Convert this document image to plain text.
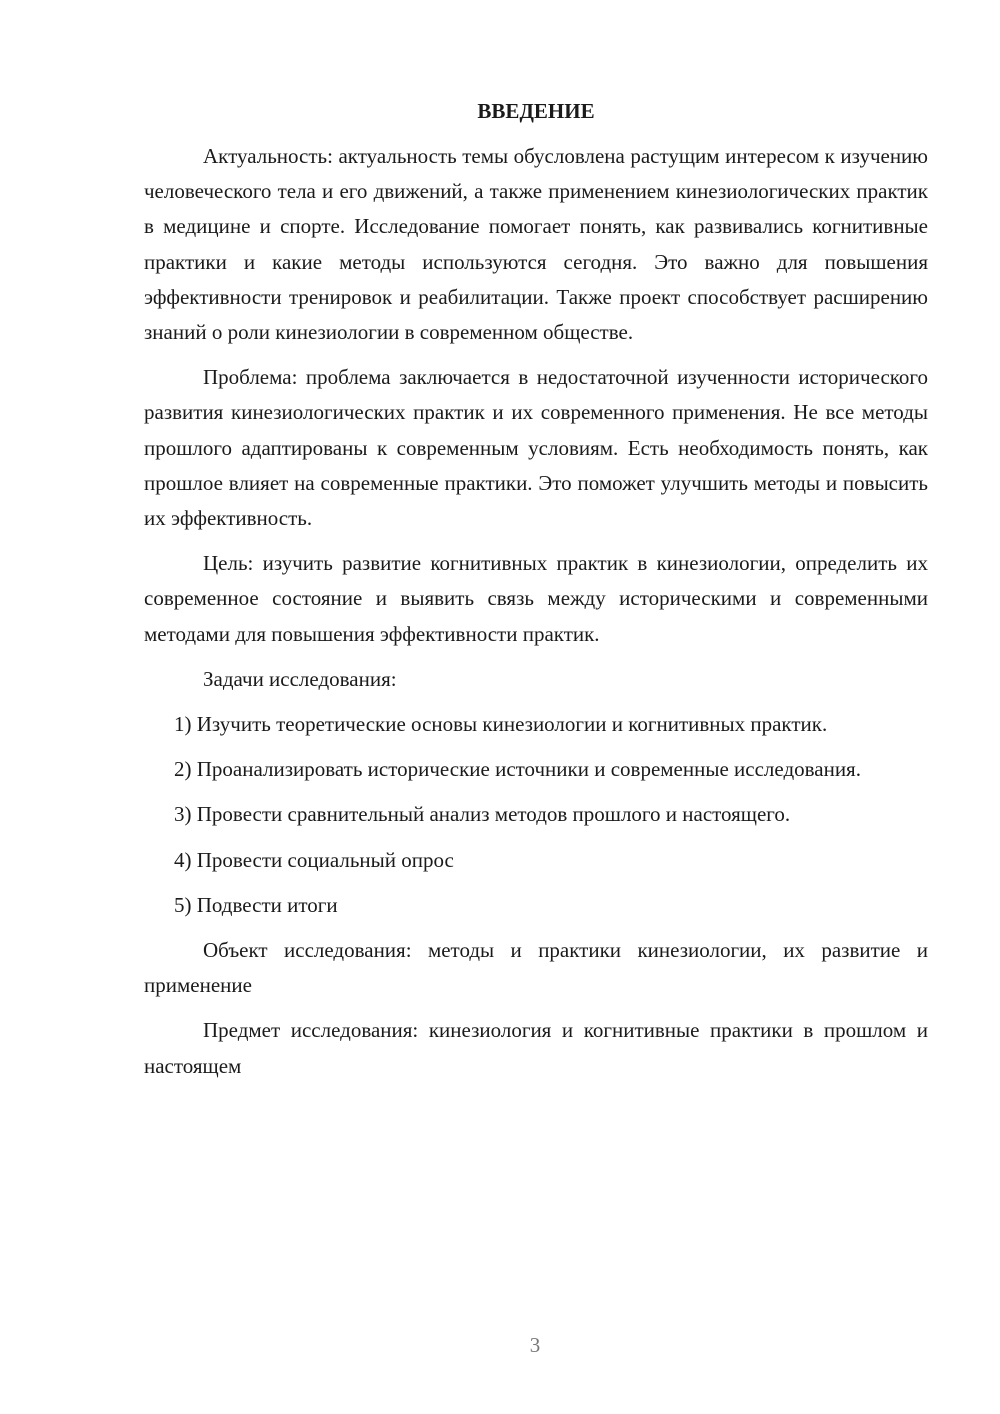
ВВЕДЕНИЕ

Актуальность: актуальность темы обусловлена растущим интересом к изучению человеческого тела и его движений, а также применением кинезиологических практик в медицине и спорте. Исследование помогает понять, как развивались когнитивные практики и какие методы используются сегодня. Это важно для повышения эффективности тренировок и реабилитации. Также проект способствует расширению знаний о роли кинезиологии в современном обществе.

Проблема: проблема заключается в недостаточной изученности исторического развития кинезиологических практик и их современного применения. Не все методы прошлого адаптированы к современным условиям. Есть необходимость понять, как прошлое влияет на современные практики. Это поможет улучшить методы и повысить их эффективность.

Цель: изучить развитие когнитивных практик в кинезиологии, определить их современное состояние и выявить связь между историческими и современными методами для повышения эффективности практик.

Задачи исследования:

1) Изучить теоретические основы кинезиологии и когнитивных практик.

2) Проанализировать исторические источники и современные исследования.

3) Провести сравнительный анализ методов прошлого и настоящего.

4) Провести социальный опрос

5) Подвести итоги

Объект исследования: методы и практики кинезиологии, их развитие и применение

Предмет исследования: кинезиология и когнитивные практики в прошлом и настоящем

3
